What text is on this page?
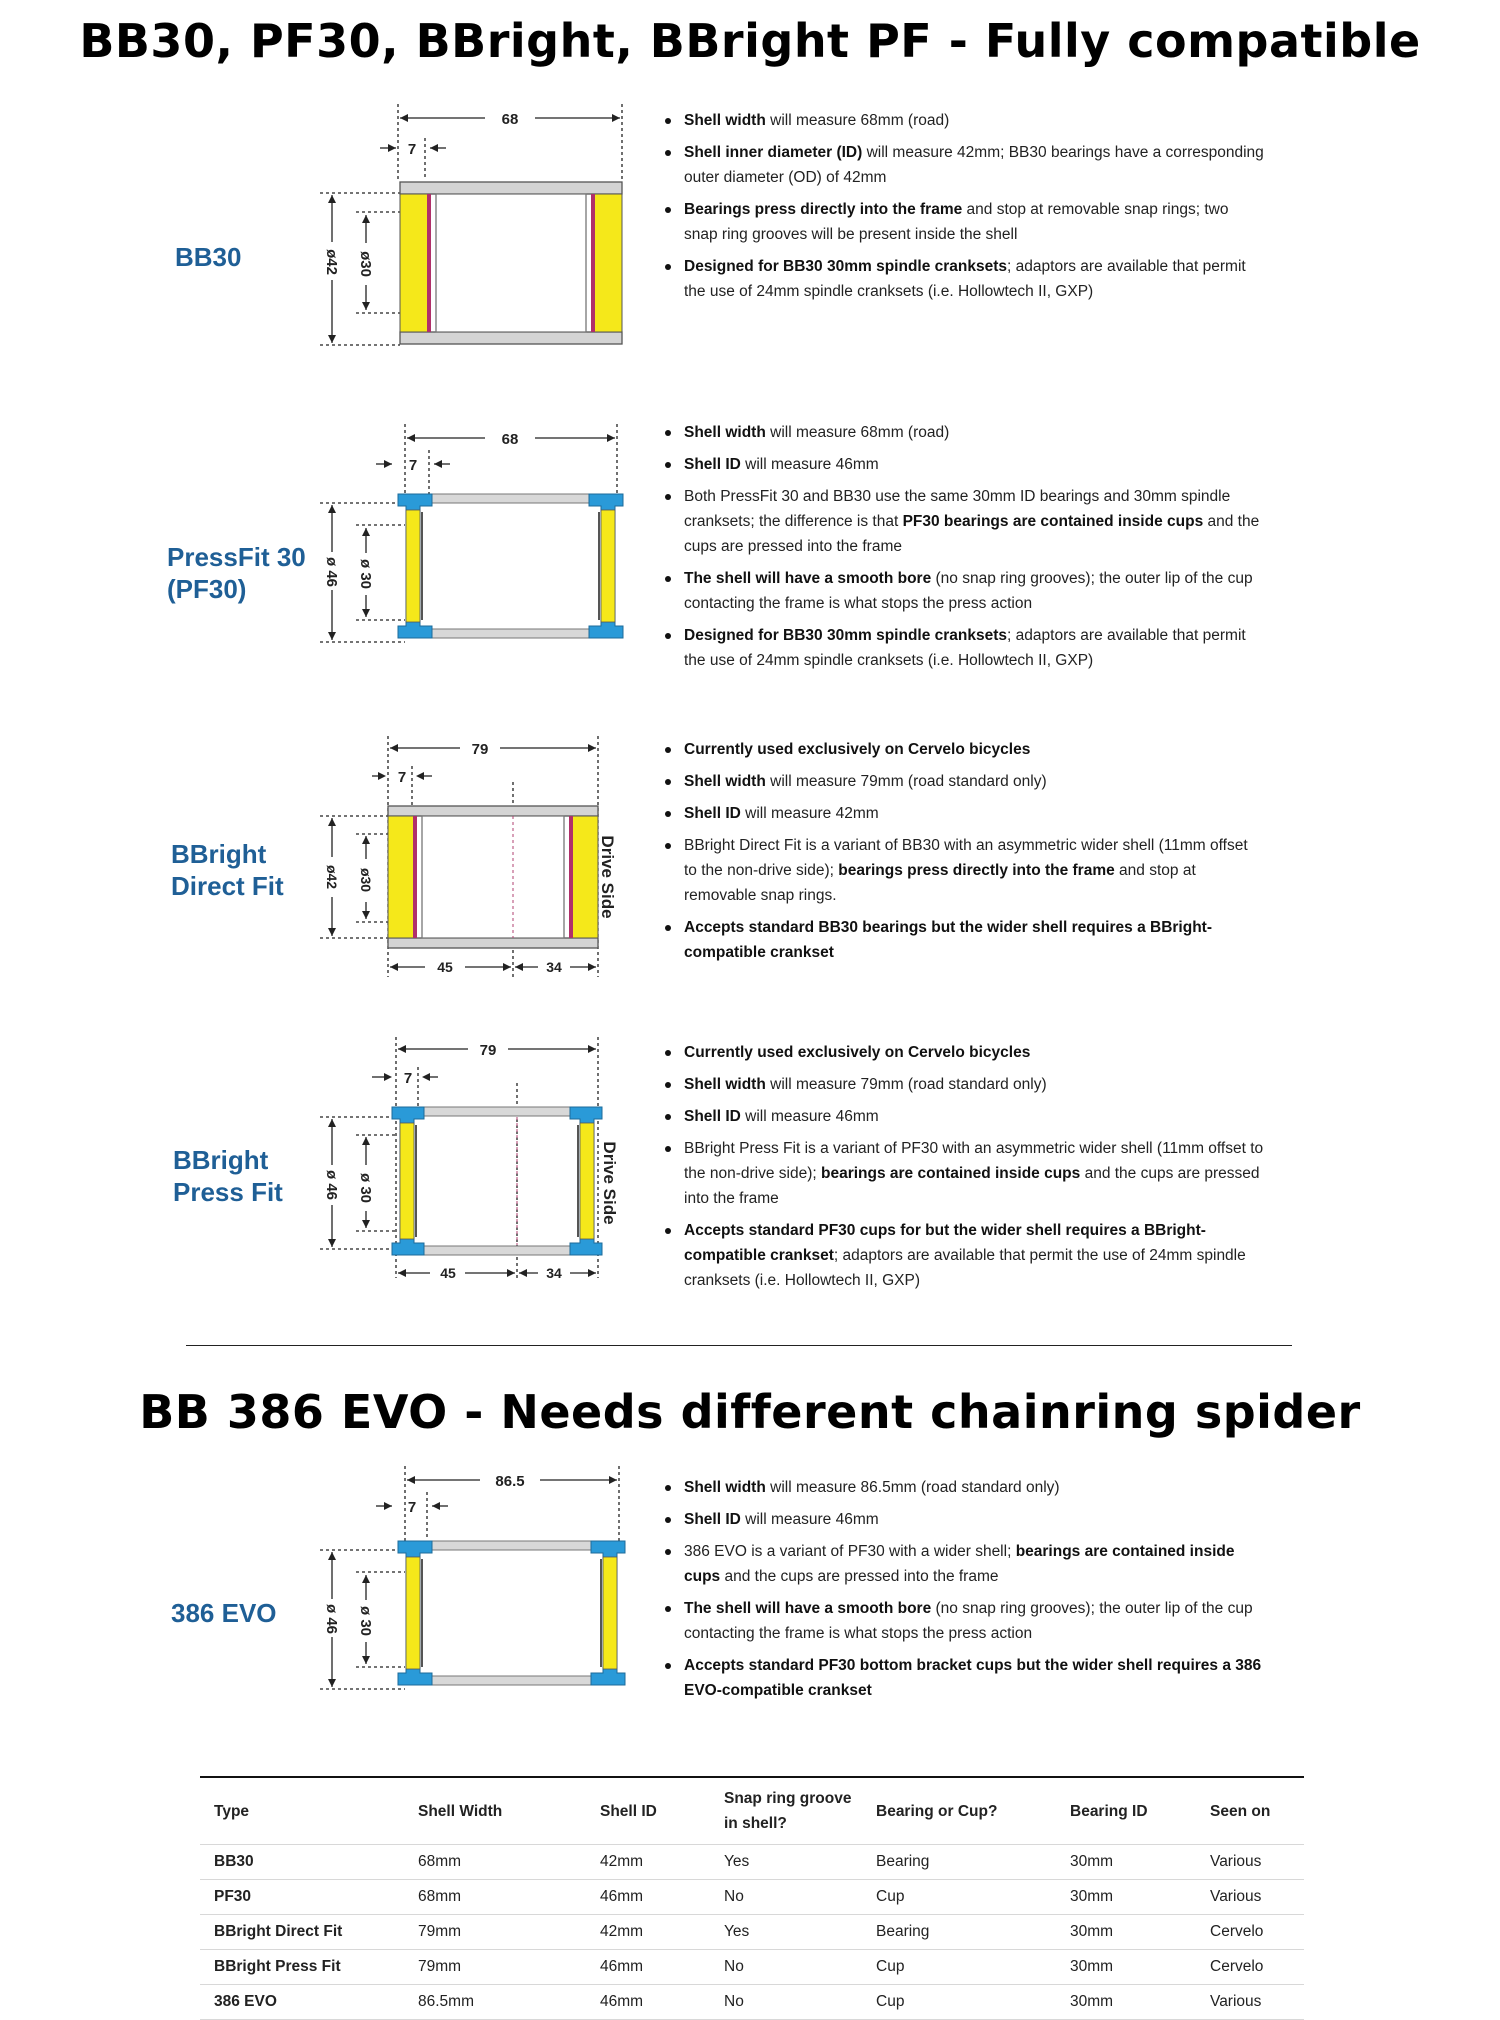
BB30, PF30, BBright, BBright PF - Fully compatible
BB30
PressFit 30
(PF30)
BBright
Direct Fit
BBright
Press Fit
386 EVO
68
7
ø42 ø30
68
7
ø 46 ø 30
79
7
ø42 ø30
45	34
Drive Side
79
7
ø 46 ø 30
45	34
Drive Side
86.5
7
ø 46 ø 30
Shell width will measure 68mm (road)
Shell inner diameter (ID) will measure 42mm; BB30 bearings have a corresponding outer diameter (OD) of 42mm
Bearings press directly into the frame and stop at removable snap rings; two snap ring grooves will be present inside the shell
Designed for BB30 30mm spindle cranksets; adaptors are available that permit the use of 24mm spindle cranksets (i.e. Hollowtech II, GXP)
Shell width will measure 68mm (road)
Shell ID will measure 46mm
Both PressFit 30 and BB30 use the same 30mm ID bearings and 30mm spindle cranksets; the difference is that PF30 bearings are contained inside cups and the cups are pressed into the frame
The shell will have a smooth bore (no snap ring grooves); the outer lip of the cup contacting the frame is what stops the press action
Designed for BB30 30mm spindle cranksets; adaptors are available that permit the use of 24mm spindle cranksets (i.e. Hollowtech II, GXP)
Currently used exclusively on Cervelo bicycles
Shell width will measure 79mm (road standard only)
Shell ID will measure 42mm
BBright Direct Fit is a variant of BB30 with an asymmetric wider shell (11mm offset to the non-drive side); bearings press directly into the frame and stop at removable snap rings.
Accepts standard BB30 bearings but the wider shell requires a BBright-compatible crankset
Currently used exclusively on Cervelo bicycles
Shell width will measure 79mm (road standard only)
Shell ID will measure 46mm
BBright Press Fit is a variant of PF30 with an asymmetric wider shell (11mm offset to the non-drive side); bearings are contained inside cups and the cups are pressed into the frame
Accepts standard PF30 cups for but the wider shell requires a BBright-compatible crankset; adaptors are available that permit the use of 24mm spindle cranksets (i.e. Hollowtech II, GXP)
Shell width will measure 86.5mm (road standard only)
Shell ID will measure 46mm
386 EVO is a variant of PF30 with a wider shell; bearings are contained inside cups and the cups are pressed into the frame
The shell will have a smooth bore (no snap ring grooves); the outer lip of the cup contacting the frame is what stops the press action
Accepts standard PF30 bottom bracket cups but the wider shell requires a 386 EVO-compatible crankset
BB 386 EVO - Needs different chainring spider
Type	Shell Width	Shell ID	Snap ring groove in shell?	Bearing or Cup?	Bearing ID	Seen on
BB30	68mm	42mm	Yes	Bearing	30mm	Various
PF30	68mm	46mm	No	Cup	30mm	Various
BBright Direct Fit	79mm	42mm	Yes	Bearing	30mm	Cervelo
BBright Press Fit	79mm	46mm	No	Cup	30mm	Cervelo
386 EVO	86.5mm	46mm	No	Cup	30mm	Various
